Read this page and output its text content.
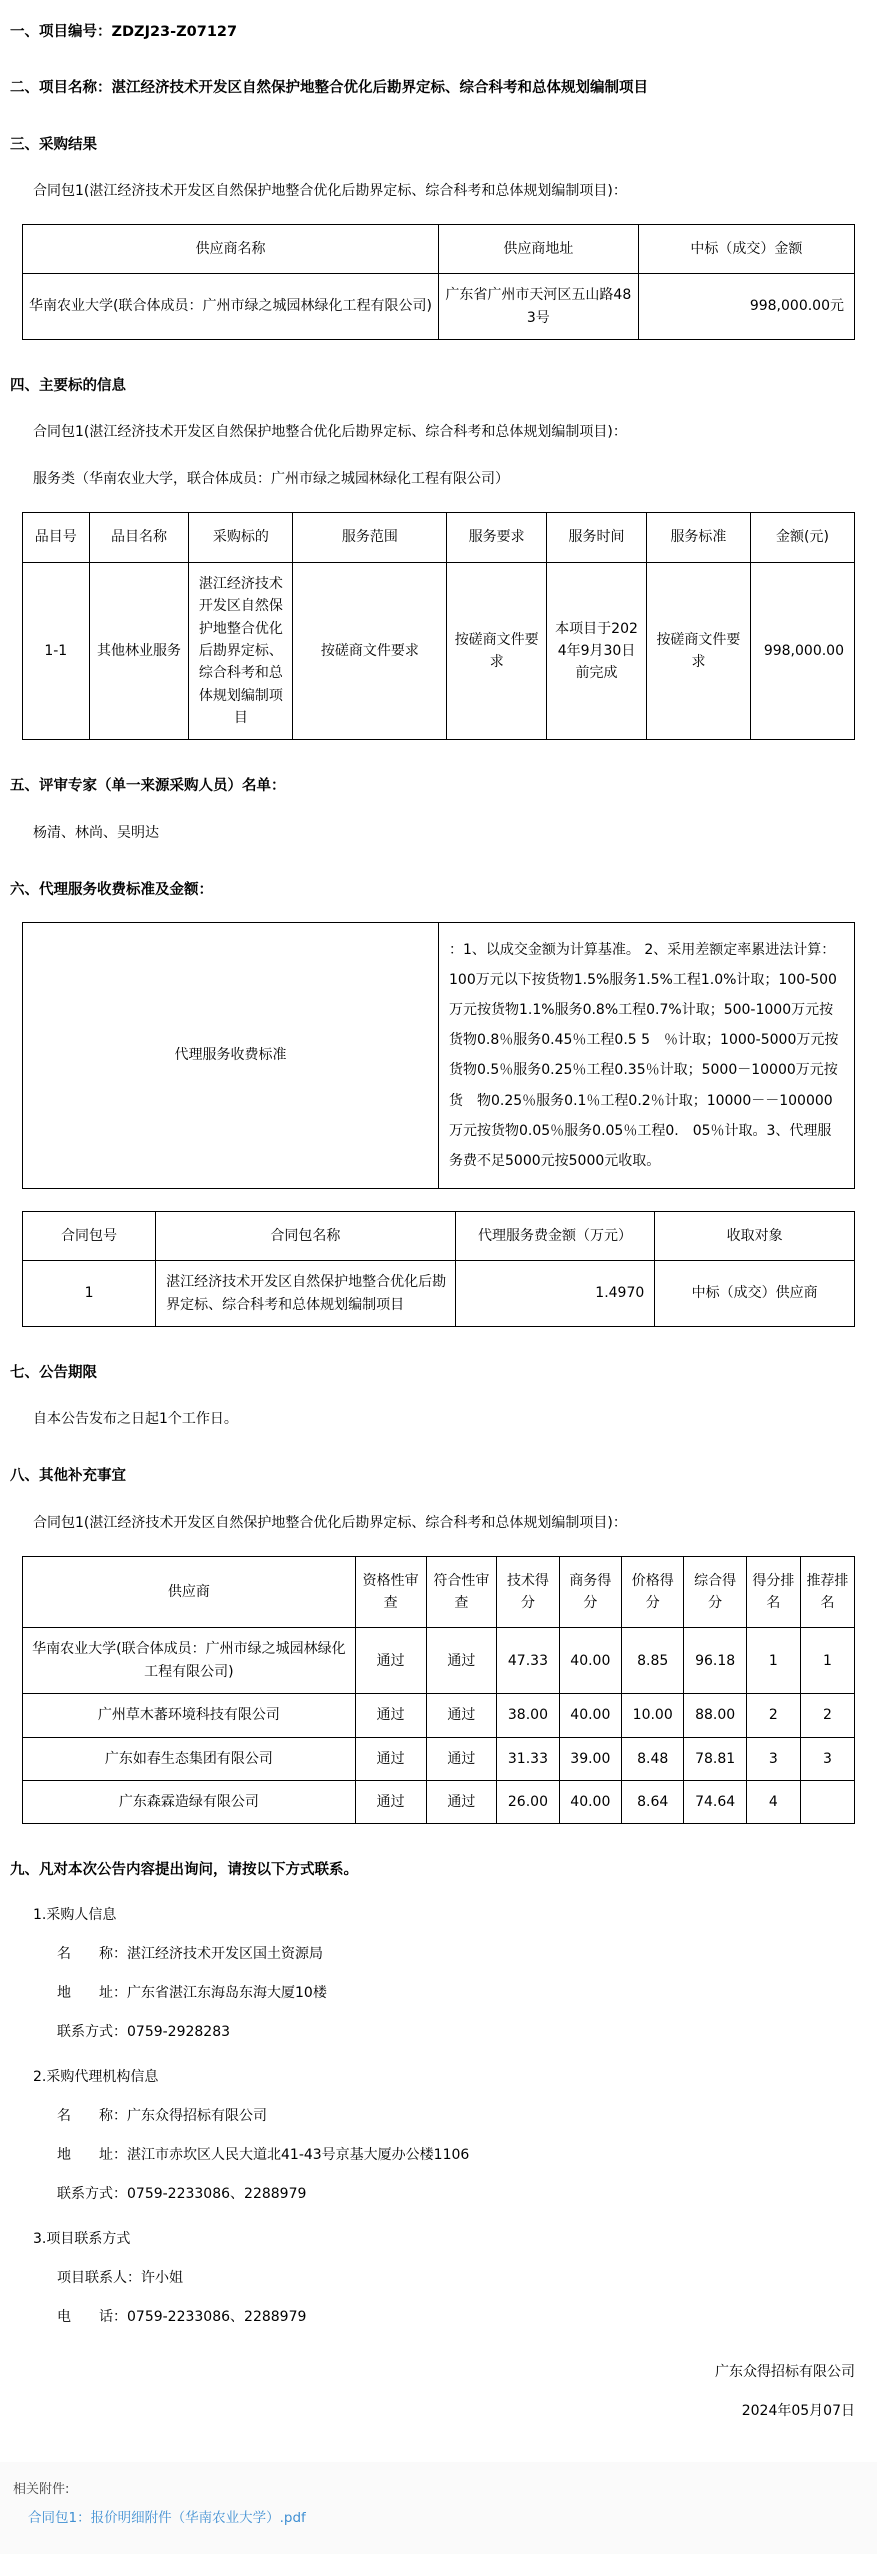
一、项目编号：ZDZJ23-Z07127
二、项目名称：湛江经济技术开发区自然保护地整合优化后勘界定标、综合科考和总体规划编制项目
三、采购结果
合同包1(湛江经济技术开发区自然保护地整合优化后勘界定标、综合科考和总体规划编制项目)：
供应商名称	供应商地址	中标（成交）金额
华南农业大学(联合体成员：广州市绿之城园林绿化工程有限公司)	广东省广州市天河区五山路483号	998,000.00元
四、主要标的信息
合同包1(湛江经济技术开发区自然保护地整合优化后勘界定标、综合科考和总体规划编制项目)：
服务类（华南农业大学，联合体成员：广州市绿之城园林绿化工程有限公司）
品目号	品目名称	采购标的	服务范围	服务要求	服务时间	服务标准	金额(元)
1-1	其他林业服务	湛江经济技术开发区自然保护地整合优化后勘界定标、综合科考和总体规划编制项目	按磋商文件要求	按磋商文件要求	本项目于2024年9月30日前完成	按磋商文件要求	998,000.00
五、评审专家（单一来源采购人员）名单：
杨清、林尚、吴明达
六、代理服务收费标准及金额：
代理服务收费标准	：1、以成交金额为计算基准。 2、采用差额定率累进法计算：100万元以下按货物1.5%服务1.5%工程1.0%计取；100-500万元按货物1.1%服务0.8%工程0.7%计取；500-1000万元按货物0.8％服务0.45％工程0.5 5　％计取；1000-5000万元按货物0.5％服务0.25％工程0.35％计取；5000－10000万元按货　物0.25％服务0.1％工程0.2％计取；10000－－100000万元按货物0.05％服务0.05％工程0.　05％计取。3、代理服务费不足5000元按5000元收取。
合同包号	合同包名称	代理服务费金额（万元）	收取对象
1	湛江经济技术开发区自然保护地整合优化后勘界定标、综合科考和总体规划编制项目	1.4970	中标（成交）供应商
七、公告期限
自本公告发布之日起1个工作日。
八、其他补充事宜
合同包1(湛江经济技术开发区自然保护地整合优化后勘界定标、综合科考和总体规划编制项目)：
供应商	资格性审查	符合性审查	技术得分	商务得分	价格得分	综合得分	得分排名	推荐排名
华南农业大学(联合体成员：广州市绿之城园林绿化工程有限公司)	通过	通过	47.33	40.00	8.85	96.18	1	1
广州草木蕃环境科技有限公司	通过	通过	38.00	40.00	10.00	88.00	2	2
广东如春生态集团有限公司	通过	通过	31.33	39.00	8.48	78.81	3	3
广东森霖造绿有限公司	通过	通过	26.00	40.00	8.64	74.64	4	
九、凡对本次公告内容提出询问，请按以下方式联系。
1.采购人信息
名　　称：湛江经济技术开发区国土资源局
地　　址：广东省湛江东海岛东海大厦10楼
联系方式：0759-2928283
2.采购代理机构信息
名　　称：广东众得招标有限公司
地　　址：湛江市赤坎区人民大道北41-43号京基大厦办公楼1106
联系方式：0759-2233086、2288979
3.项目联系方式
项目联系人：许小姐
电　　话：0759-2233086、2288979
广东众得招标有限公司
2024年05月07日
相关附件:
合同包1：报价明细附件（华南农业大学）.pdf
